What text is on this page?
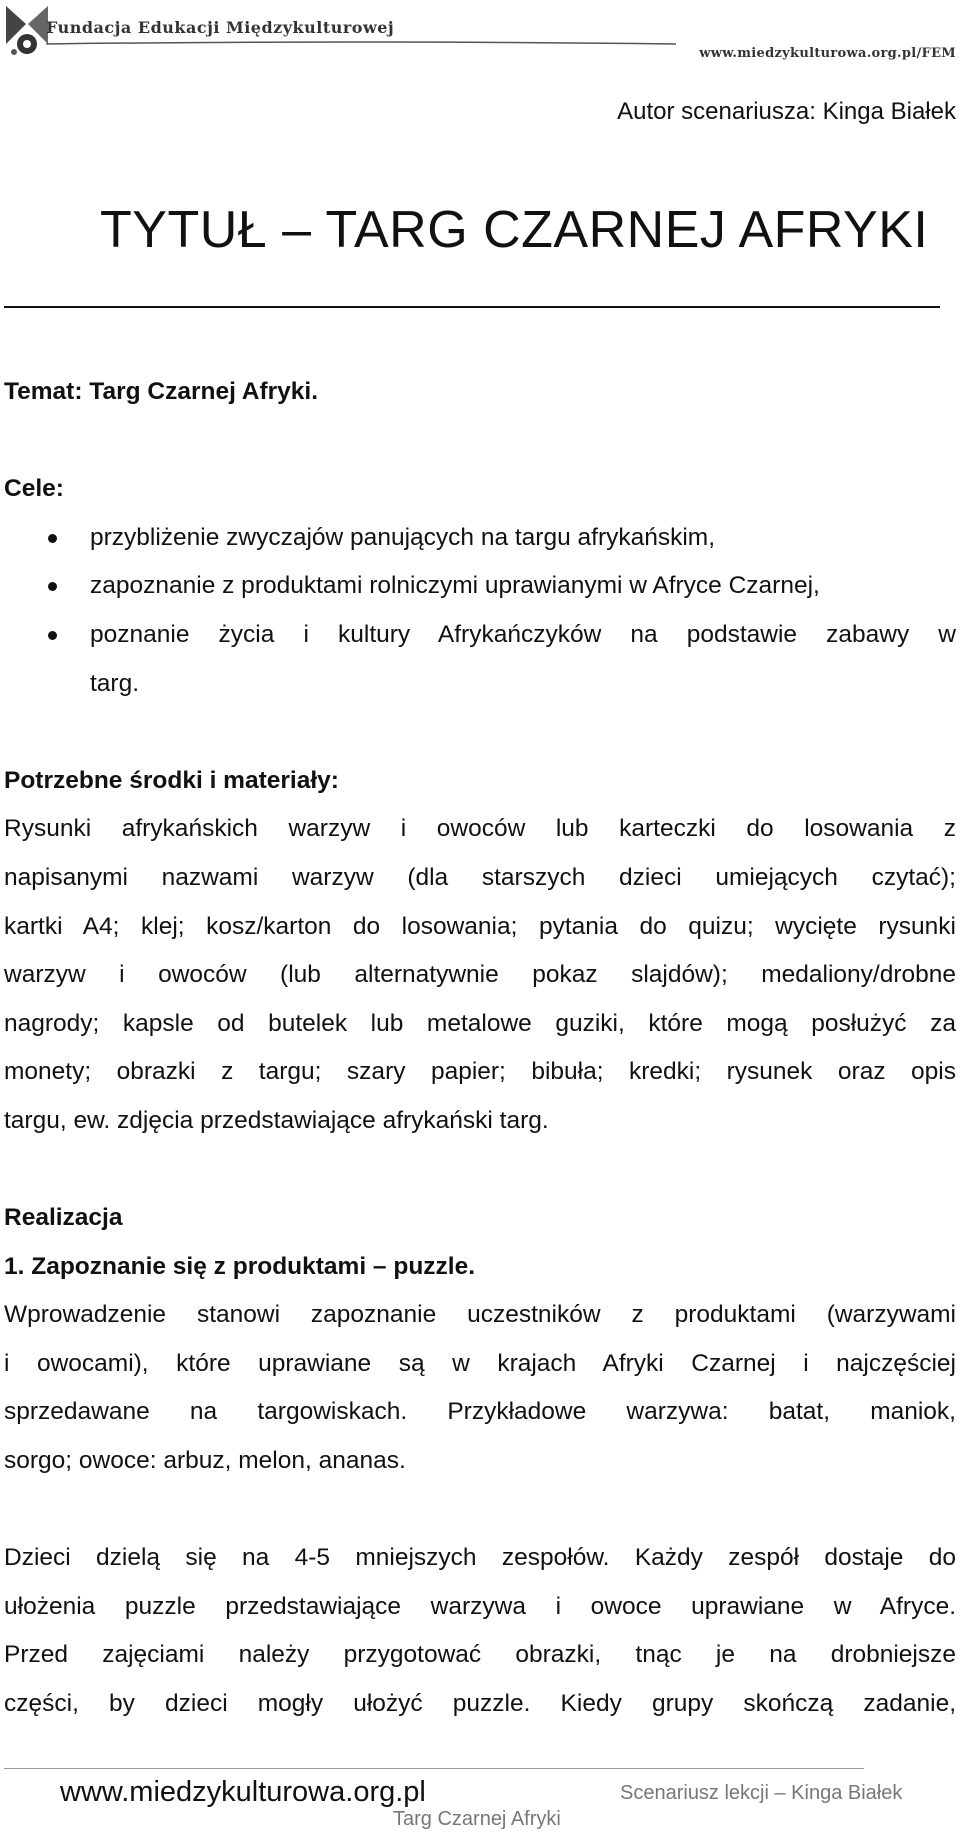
Fundacja Edukacji Międzykulturowej
www.miedzykulturowa.org.pl/FEM
Autor scenariusza: Kinga Białek
TYTUŁ – TARG CZARNEJ AFRYKI
Temat: Targ Czarnej Afryki.
Cele:
przybliżenie zwyczajów panujących na targu afrykańskim,
zapoznanie z produktami rolniczymi uprawianymi w Afryce Czarnej,
poznanie życia i kultury Afrykańczyków na podstawie zabawy w
targ.
Potrzebne środki i materiały:
Rysunki afrykańskich warzyw i owoców lub karteczki do losowania z
napisanymi nazwami warzyw (dla starszych dzieci umiejących czytać);
kartki A4; klej; kosz/karton do losowania; pytania do quizu; wycięte rysunki
warzyw i owoców (lub alternatywnie pokaz slajdów); medaliony/drobne
nagrody; kapsle od butelek lub metalowe guziki, które mogą posłużyć za
monety; obrazki z targu; szary papier; bibuła; kredki; rysunek oraz opis
targu, ew. zdjęcia przedstawiające afrykański targ.
Realizacja
1. Zapoznanie się z produktami – puzzle.
Wprowadzenie stanowi zapoznanie uczestników z produktami (warzywami
i owocami), które uprawiane są w krajach Afryki Czarnej i najczęściej
sprzedawane na targowiskach. Przykładowe warzywa: batat, maniok,
sorgo; owoce: arbuz, melon, ananas.
Dzieci dzielą się na 4-5 mniejszych zespołów. Każdy zespół dostaje do
ułożenia puzzle przedstawiające warzywa i owoce uprawiane w Afryce.
Przed zajęciami należy przygotować obrazki, tnąc je na drobniejsze
części, by dzieci mogły ułożyć puzzle. Kiedy grupy skończą zadanie,
www.miedzykulturowa.org.pl	Scenariusz lekcji – Kinga Białek
Targ Czarnej Afryki
